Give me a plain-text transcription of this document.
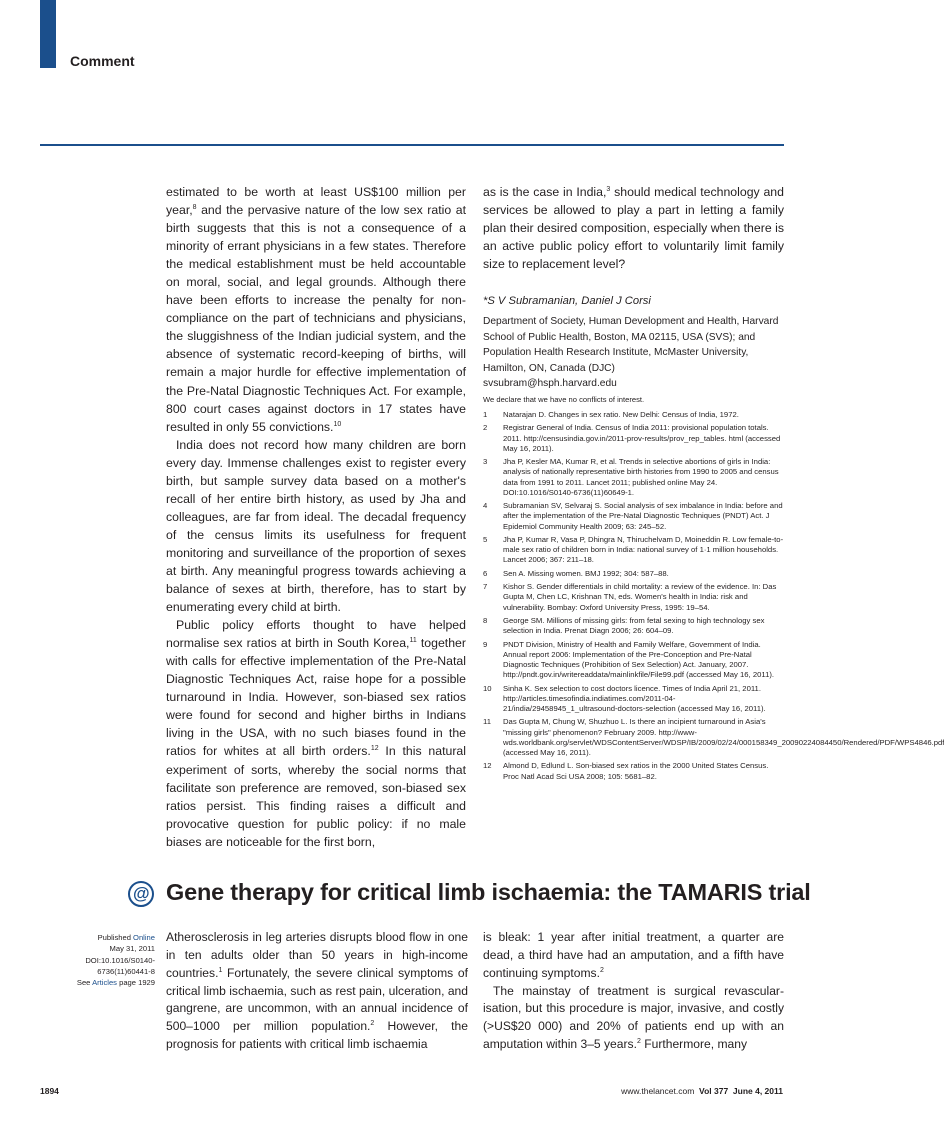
Comment

estimated to be worth at least US$100 million per year,$^8$ and the pervasive nature of the low sex ratio at birth suggests that this is not a consequence of a minority of errant physicians in a few states. Therefore the medical establishment must be held accountable on moral, social, and legal grounds. Although there have been efforts to increase the penalty for non-compliance on the part of technicians and physicians, the sluggishness of the Indian judicial system, and the absence of systematic record-keeping of births, will remain a major hurdle for effective implementation of the Pre-Natal Diagnostic Techniques Act. For example, 800 court cases against doctors in 17 states have resulted in only 55 convictions.$^{10}$

India does not record how many children are born every day. Immense challenges exist to register every birth, but sample survey data based on a mother's recall of her entire birth history, as used by Jha and colleagues, are far from ideal. The decadal frequency of the census limits its usefulness for frequent monitoring and surveillance of the proportion of sexes at birth. Any meaningful progress towards achieving a balance of sexes at birth, therefore, has to start by enumerating every child at birth.

Public policy efforts thought to have helped normalise sex ratios at birth in South Korea,$^{11}$ together with calls for effective implementation of the Pre-Natal Diagnostic Techniques Act, raise hope for a possible turnaround in India. However, son-biased sex ratios were found for second and higher births in Indians living in the USA, with no such biases found in the ratios for whites at all birth orders.$^{12}$ In this natural experiment of sorts, whereby the social norms that facilitate son preference are removed, son-biased sex ratios persist. This finding raises a difficult and provocative question for public policy: if no male biases are noticeable for the first born,

as is the case in India,$^3$ should medical technology and services be allowed to play a part in letting a family plan their desired composition, especially when there is an active public policy effort to voluntarily limit family size to replacement level?

*S V Subramanian, Daniel J Corsi
Department of Society, Human Development and Health, Harvard
School of Public Health, Boston, MA 02115, USA (SVS); and
Population Health Research Institute, McMaster University,
Hamilton, ON, Canada (DJC)
svsubram@hsph.harvard.edu
We declare that we have no conflicts of interest.
1 Natarajan D. Changes in sex ratio. New Delhi: Census of India, 1972.
2 Registrar General of India. Census of India 2011: provisional population totals. 2011. http://censusindia.gov.in/2011-prov-results/prov_rep_tables. html (accessed May 16, 2011).
3 Jha P, Kesler MA, Kumar R, et al. Trends in selective abortions of girls in India: analysis of nationally representative birth histories from 1990 to 2005 and census data from 1991 to 2011. Lancet 2011; published online May 24. DOI:10.1016/S0140-6736(11)60649-1.
4 Subramanian SV, Selvaraj S. Social analysis of sex imbalance in India: before and after the implementation of the Pre-Natal Diagnostic Techniques (PNDT) Act. J Epidemiol Community Health 2009; 63: 245–52.
5 Jha P, Kumar R, Vasa P, Dhingra N, Thiruchelvam D, Moineddin R. Low female-to-male sex ratio of children born in India: national survey of 1·1 million households. Lancet 2006; 367: 211–18.
6 Sen A. Missing women. BMJ 1992; 304: 587–88.
7 Kishor S. Gender differentials in child mortality: a review of the evidence. In: Das Gupta M, Chen LC, Krishnan TN, eds. Women's health in India: risk and vulnerability. Bombay: Oxford University Press, 1995: 19–54.
8 George SM. Millions of missing girls: from fetal sexing to high technology sex selection in India. Prenat Diagn 2006; 26: 604–09.
9 PNDT Division, Ministry of Health and Family Welfare, Government of India. Annual report 2006: Implementation of the Pre-Conception and Pre-Natal Diagnostic Techniques (Prohibition of Sex Selection) Act. January, 2007. http://pndt.gov.in/writereaddata/mainlinkfile/File99.pdf (accessed May 16, 2011).
10 Sinha K. Sex selection to cost doctors licence. Times of India April 21, 2011. http://articles.timesofindia.indiatimes.com/2011-04-21/india/29458945_1_ultrasound-doctors-selection (accessed May 16, 2011).
11 Das Gupta M, Chung W, Shuzhuo L. Is there an incipient turnaround in Asia's "missing girls" phenomenon? February 2009. http://www-wds.worldbank.org/servlet/WDSContentServer/WDSP/IB/2009/02/24/000158349_20090224084450/Rendered/PDF/WPS4846.pdf (accessed May 16, 2011).
12 Almond D, Edlund L. Son-biased sex ratios in the 2000 United States Census. Proc Natl Acad Sci USA 2008; 105: 5681–82.
@ Gene therapy for critical limb ischaemia: the TAMARIS trial
Published Online
May 31, 2011
DOI:10.1016/S0140-
6736(11)60441-8
See Articles page 1929

Atherosclerosis in leg arteries disrupts blood flow in one in ten adults older than 50 years in high-income countries.$^1$ Fortunately, the severe clinical symptoms of critical limb ischaemia, such as rest pain, ulceration, and gangrene, are uncommon, with an annual incidence of 500–1000 per million population.$^2$ However, the prognosis for patients with critical limb ischaemia

is bleak: 1 year after initial treatment, a quarter are dead, a third have had an amputation, and a fifth have continuing symptoms.$^2$

The mainstay of treatment is surgical revascular-isation, but this procedure is major, invasive, and costly (>US$20 000) and 20% of patients end up with an amputation within 3–5 years.$^2$ Furthermore, many

1894	www.thelancet.com Vol 377 June 4, 2011
